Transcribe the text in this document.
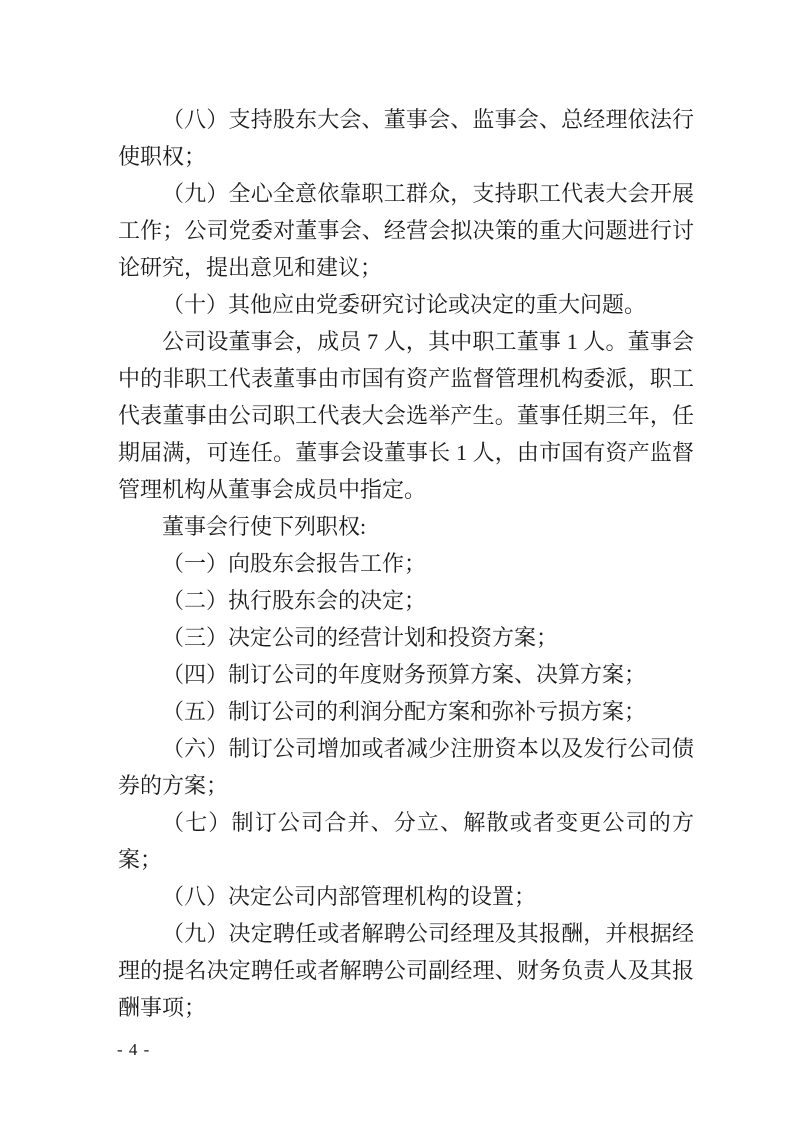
（八）支持股东大会、董事会、监事会、总经理依法行使职权；

（九）全心全意依靠职工群众，支持职工代表大会开展工作；公司党委对董事会、经营会拟决策的重大问题进行讨论研究，提出意见和建议；

（十）其他应由党委研究讨论或决定的重大问题。

公司设董事会，成员 7 人，其中职工董事 1 人。董事会中的非职工代表董事由市国有资产监督管理机构委派，职工代表董事由公司职工代表大会选举产生。董事任期三年，任期届满，可连任。董事会设董事长 1 人，由市国有资产监督管理机构从董事会成员中指定。

董事会行使下列职权:

（一）向股东会报告工作；

（二）执行股东会的决定；

（三）决定公司的经营计划和投资方案；

（四）制订公司的年度财务预算方案、决算方案；

（五）制订公司的利润分配方案和弥补亏损方案；

（六）制订公司增加或者减少注册资本以及发行公司债券的方案；

（七）制订公司合并、分立、解散或者变更公司的方案；

（八）决定公司内部管理机构的设置；

（九）决定聘任或者解聘公司经理及其报酬，并根据经理的提名决定聘任或者解聘公司副经理、财务负责人及其报酬事项；

- 4 -
